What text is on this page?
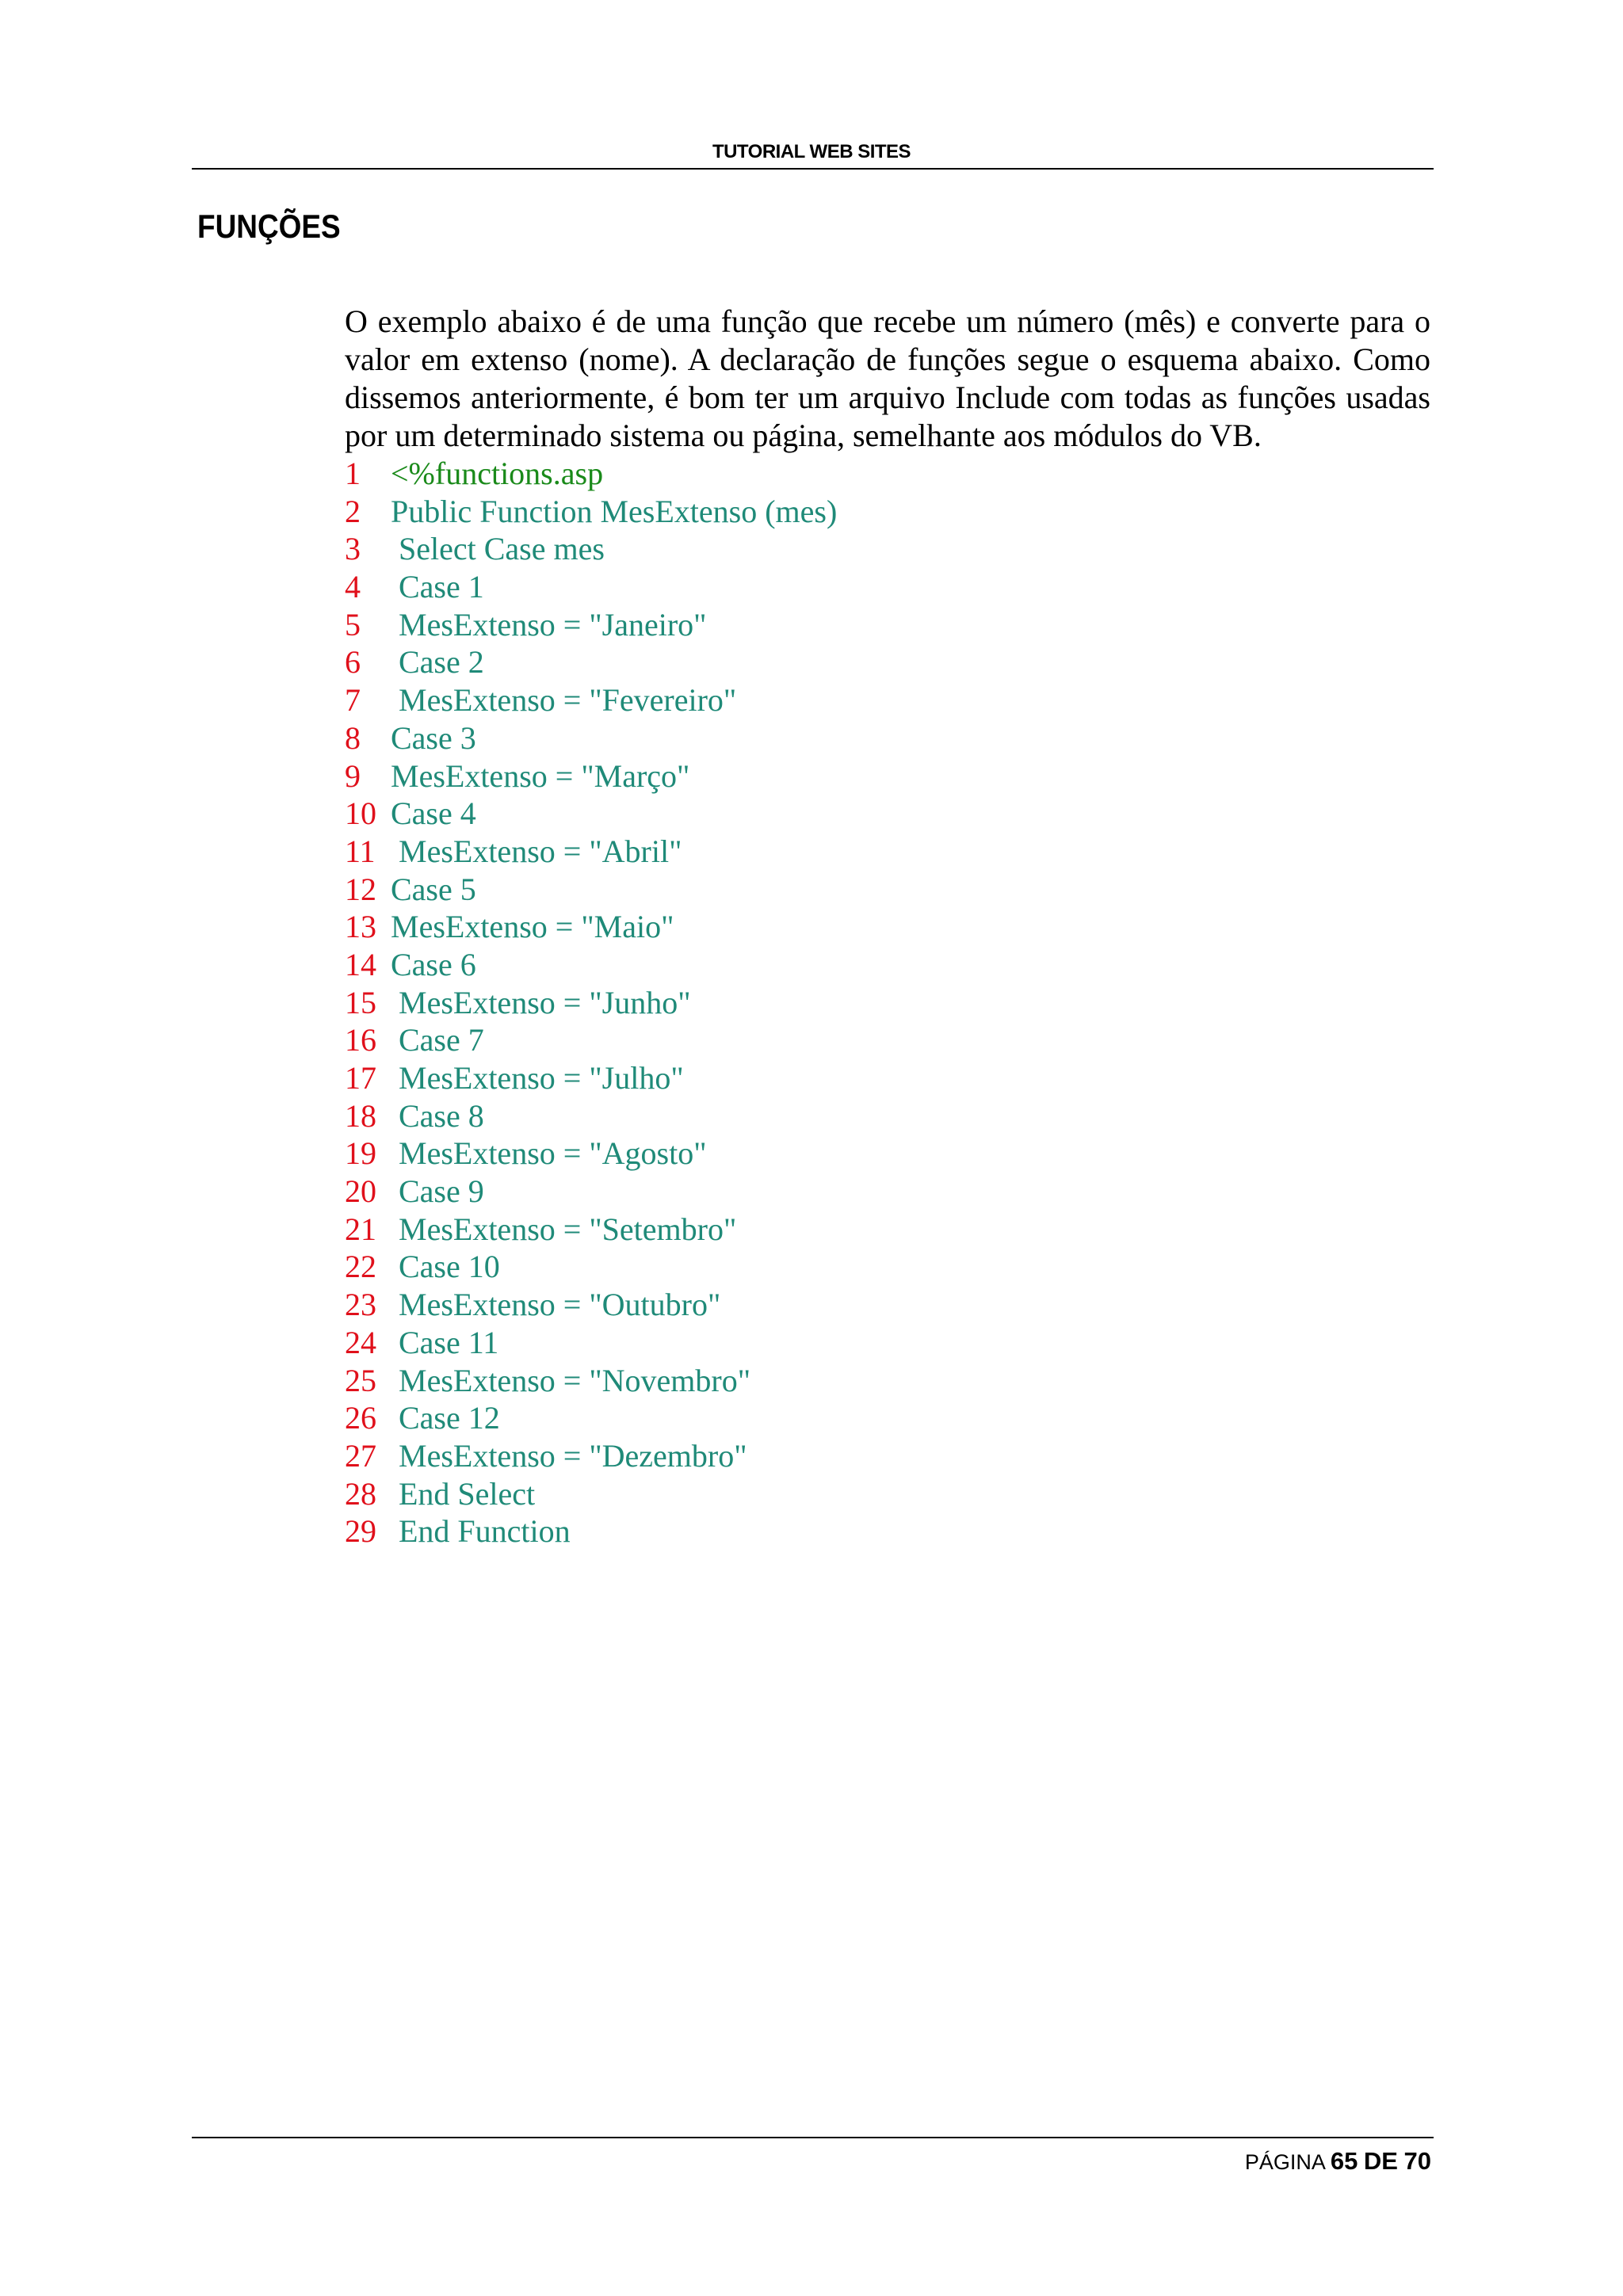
TUTORIAL WEB SITES
FUNÇÕES

O exemplo abaixo é de uma função que recebe um número (mês) e converte para o valor em extenso (nome). A declaração de funções segue o esquema abaixo. Como dissemos anteriormente, é bom ter um arquivo Include com todas as funções usadas por um determinado sistema ou página, semelhante aos módulos do VB.

1 <%functions.asp
2 Public Function MesExtenso (mes)
3 Select Case mes
4 Case 1
5 MesExtenso = "Janeiro"
6 Case 2
7 MesExtenso = "Fevereiro"
8 Case 3
9 MesExtenso = "Março"
10 Case 4
11 MesExtenso = "Abril"
12 Case 5
13 MesExtenso = "Maio"
14 Case 6
15 MesExtenso = "Junho"
16 Case 7
17 MesExtenso = "Julho"
18 Case 8
19 MesExtenso = "Agosto"
20 Case 9
21 MesExtenso = "Setembro"
22 Case 10
23 MesExtenso = "Outubro"
24 Case 11
25 MesExtenso = "Novembro"
26 Case 12
27 MesExtenso = "Dezembro"
28 End Select
29 End Function
PÁGINA 65 DE 70
